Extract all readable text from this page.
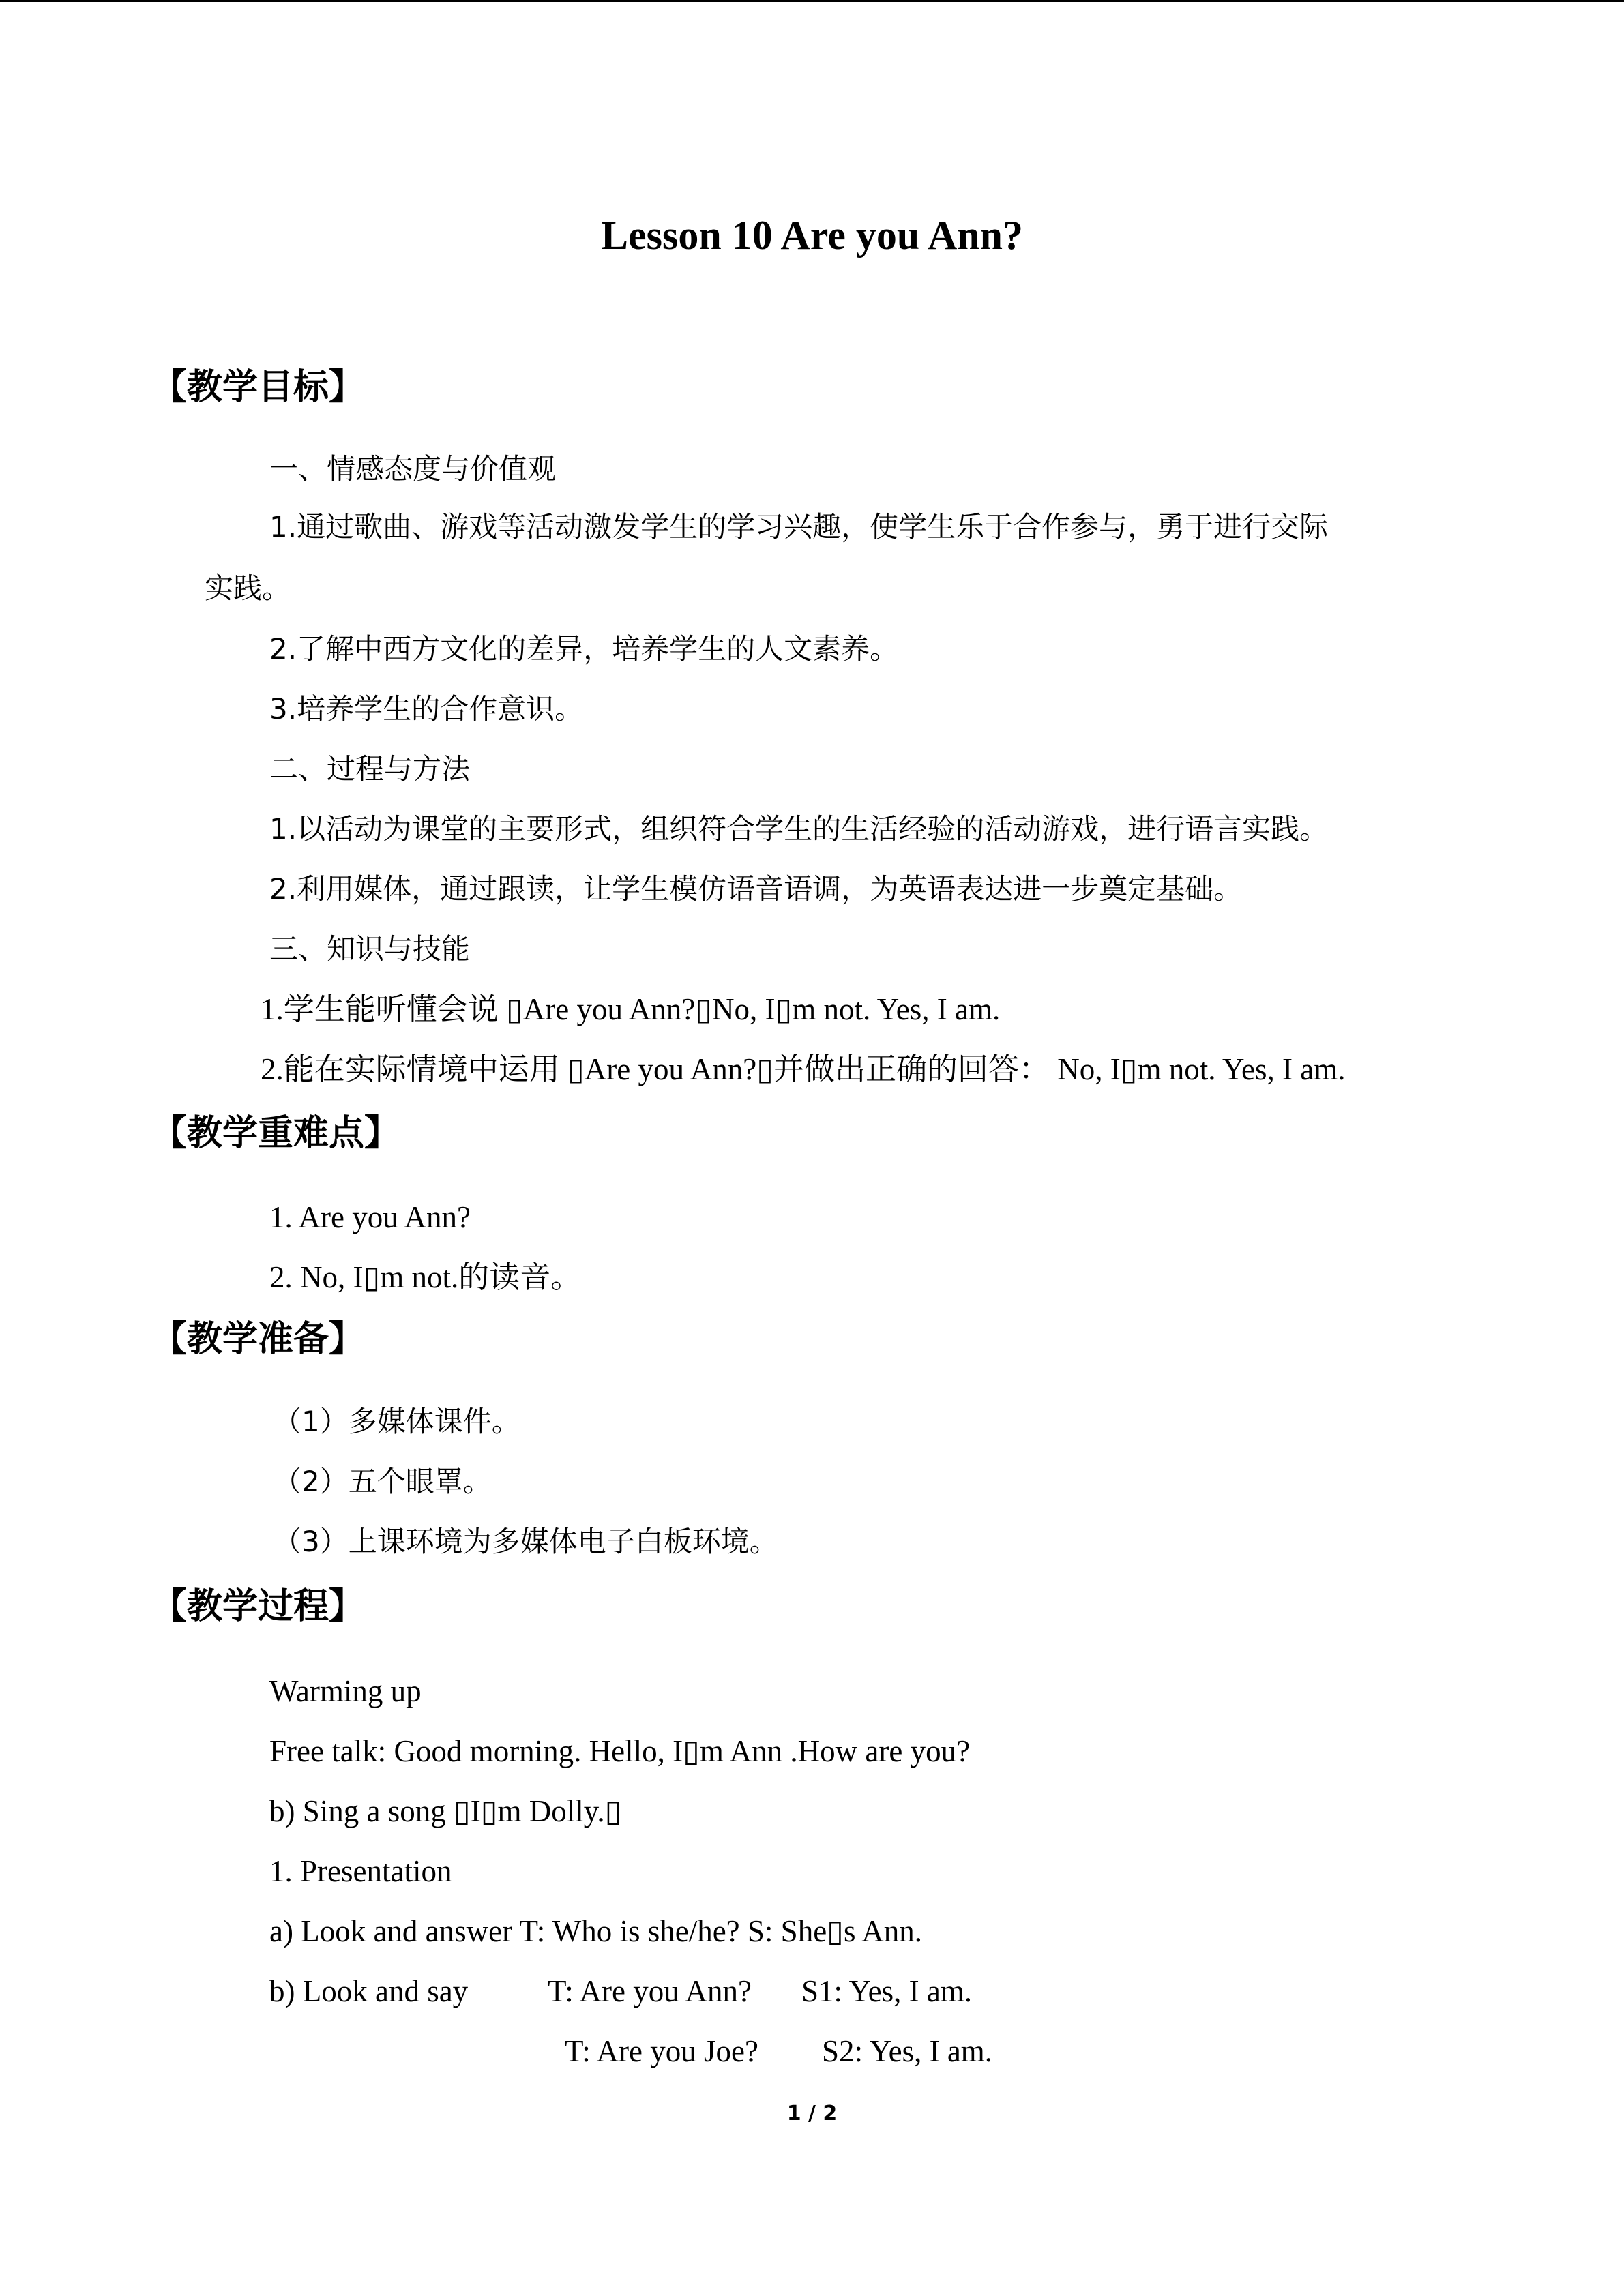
Lesson 10 Are you Ann?
【教学目标】
一、情感态度与价值观
1.通过歌曲、游戏等活动激发学生的学习兴趣，使学生乐于合作参与，勇于进行交际
实践。
2.了解中西方文化的差异，培养学生的人文素养。
3.培养学生的合作意识。
二、过程与方法
1.以活动为课堂的主要形式，组织符合学生的生活经验的活动游戏，进行语言实践。
2.利用媒体，通过跟读，让学生模仿语音语调，为英语表达进一步奠定基础。
三、知识与技能
1.学生能听懂会说 ▯Are you Ann?▯No, I▯m not. Yes, I am.
2.能在实际情境中运用 ▯Are you Ann?▯并做出正确的回答： No, I▯m not. Yes, I am.
【教学重难点】
1. Are you Ann?
2. No, I▯m not.的读音。
【教学准备】
（1）多媒体课件。
（2）五个眼罩。
（3）上课环境为多媒体电子白板环境。
【教学过程】
Warming up
Free talk: Good morning. Hello, I▯m Ann .How are you?
b) Sing a song ▯I▯m Dolly.▯
1. Presentation
a) Look and answer T: Who is she/he? S: She▯s Ann.
b) Look and say	T: Are you Ann? S1: Yes, I am.
T: Are you Joe? S2: Yes, I am.
1 / 2
